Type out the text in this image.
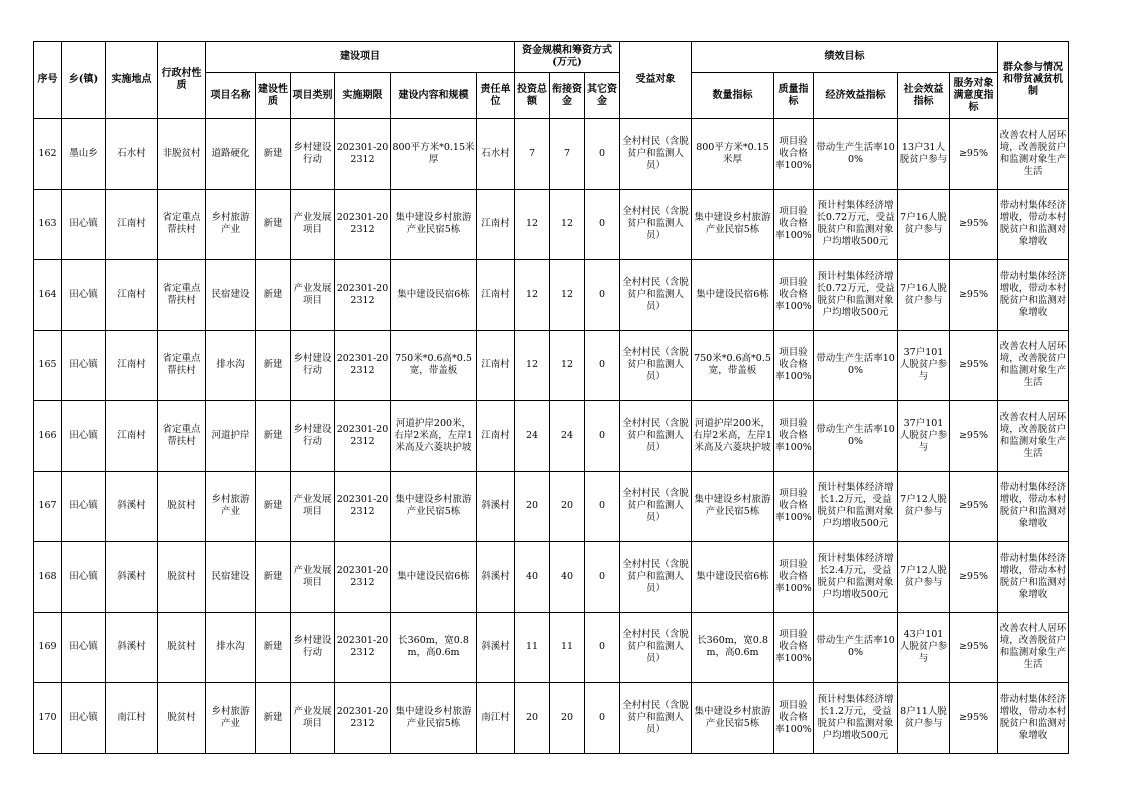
序号	乡(镇)	实施地点	行政村性质	建设项目						资金规模和筹资方式(万元)			受益对象	绩效目标					群众参与情况和带贫减贫机制
				项目名称	建设性质	项目类别	实施期限	建设内容和规模	责任单位	投资总额	衔接资金	其它资金		数量指标	质量指标	经济效益指标	社会效益指标	服务对象满意度指标	
162	墨山乡	石水村	非脱贫村	道路硬化	新建	乡村建设行动	202301-202312	800平方米*0.15米厚	石水村	7	7	0	全村村民（含脱贫户和监测人员）	800平方米*0.15米厚	项目验收合格率100%	带动生产生活率100%	13户31人脱贫户参与	≥95%	改善农村人居环境，改善脱贫户和监测对象生产生活
163	田心镇	江南村	省定重点帮扶村	乡村旅游产业	新建	产业发展项目	202301-202312	集中建设乡村旅游产业民宿5栋	江南村	12	12	0	全村村民（含脱贫户和监测人员）	集中建设乡村旅游产业民宿5栋	项目验收合格率100%	预计村集体经济增长0.72万元，受益脱贫户和监测对象户均增收500元	7户16人脱贫户参与	≥95%	带动村集体经济增收，带动本村脱贫户和监测对象增收
164	田心镇	江南村	省定重点帮扶村	民宿建设	新建	产业发展项目	202301-202312	集中建设民宿6栋	江南村	12	12	0	全村村民（含脱贫户和监测人员）	集中建设民宿6栋	项目验收合格率100%	预计村集体经济增长0.72万元，受益脱贫户和监测对象户均增收500元	7户16人脱贫户参与	≥95%	带动村集体经济增收，带动本村脱贫户和监测对象增收
165	田心镇	江南村	省定重点帮扶村	排水沟	新建	乡村建设行动	202301-202312	750米*0.6高*0.5宽，带盖板	江南村	12	12	0	全村村民（含脱贫户和监测人员）	750米*0.6高*0.5宽，带盖板	项目验收合格率100%	带动生产生活率100%	37户101人脱贫户参与	≥95%	改善农村人居环境，改善脱贫户和监测对象生产生活
166	田心镇	江南村	省定重点帮扶村	河道护岸	新建	乡村建设行动	202301-202312	河道护岸200米，右岸2米高，左岸1米高及六菱块护坡	江南村	24	24	0	全村村民（含脱贫户和监测人员）	河道护岸200米，右岸2米高，左岸1米高及六菱块护坡	项目验收合格率100%	带动生产生活率100%	37户101人脱贫户参与	≥95%	改善农村人居环境，改善脱贫户和监测对象生产生活
167	田心镇	斜溪村	脱贫村	乡村旅游产业	新建	产业发展项目	202301-202312	集中建设乡村旅游产业民宿5栋	斜溪村	20	20	0	全村村民（含脱贫户和监测人员）	集中建设乡村旅游产业民宿5栋	项目验收合格率100%	预计村集体经济增长1.2万元，受益脱贫户和监测对象户均增收500元	7户12人脱贫户参与	≥95%	带动村集体经济增收，带动本村脱贫户和监测对象增收
168	田心镇	斜溪村	脱贫村	民宿建设	新建	产业发展项目	202301-202312	集中建设民宿6栋	斜溪村	40	40	0	全村村民（含脱贫户和监测人员）	集中建设民宿6栋	项目验收合格率100%	预计村集体经济增长2.4万元，受益脱贫户和监测对象户均增收500元	7户12人脱贫户参与	≥95%	带动村集体经济增收，带动本村脱贫户和监测对象增收
169	田心镇	斜溪村	脱贫村	排水沟	新建	乡村建设行动	202301-202312	长360m，宽0.8m，高0.6m	斜溪村	11	11	0	全村村民（含脱贫户和监测人员）	长360m，宽0.8m，高0.6m	项目验收合格率100%	带动生产生活率100%	43户101人脱贫户参与	≥95%	改善农村人居环境，改善脱贫户和监测对象生产生活
170	田心镇	南江村	脱贫村	乡村旅游产业	新建	产业发展项目	202301-202312	集中建设乡村旅游产业民宿5栋	南江村	20	20	0	全村村民（含脱贫户和监测人员）	集中建设乡村旅游产业民宿5栋	项目验收合格率100%	预计村集体经济增长1.2万元，受益脱贫户和监测对象户均增收500元	8户11人脱贫户参与	≥95%	带动村集体经济增收，带动本村脱贫户和监测对象增收
